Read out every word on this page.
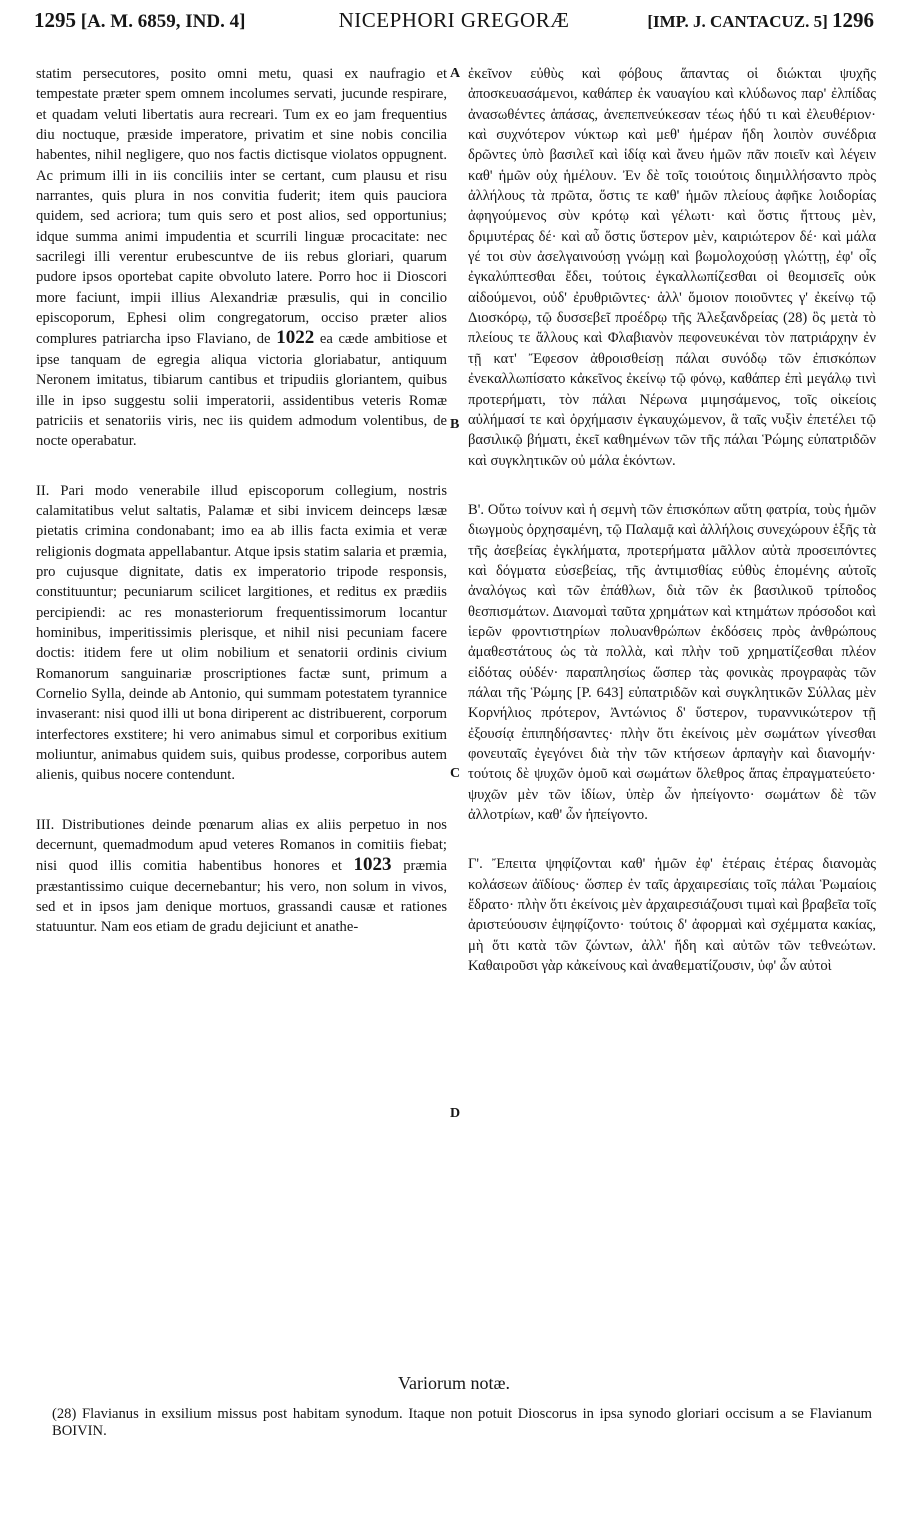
1295 [A. M. 6859, IND. 4]	NICEPHORI GREGORÆ	[IMP. J. CANTACUZ. 5] 1296

statim persecutores, posito omni metu, quasi ex naufragio et tempestate præter spem omnem incolumes servati, jucunde respirare, et quadam veluti libertatis aura recreari. Tum ex eo jam frequentius diu noctuque, præside imperatore, privatim et sine nobis concilia habentes, nihil negligere, quo nos factis dictisque violatos oppugnent. Ac primum illi in iis conciliis inter se certant, cum plausu et risu narrantes, quis plura in nos convitia fuderit; item quis pauciora quidem, sed acriora; tum quis sero et post alios, sed opportunius; idque summa animi impudentia et scurrili linguæ procacitate: nec sacrilegi illi verentur erubescuntve de iis rebus gloriari, quarum pudore ipsos oportebat capite obvoluto latere. Porro hoc ii Dioscori more faciunt, impii illius Alexandriæ præsulis, qui in concilio episcoporum, Ephesi olim congregatorum, occiso præter alios complures patriarcha ipso Flaviano, de 1022 ea cæde ambitiose et ipse tanquam de egregia aliqua victoria gloriabatur, antiquum Neronem imitatus, tibiarum cantibus et tripudiis gloriantem, quibus ille in ipso suggestu solii imperatorii, assidentibus veteris Romæ patriciis et senatoriis viris, nec iis quidem admodum volentibus, de nocte operabatur.

II. Pari modo venerabile illud episcoporum collegium, nostris calamitatibus velut saltatis, Palamæ et sibi invicem deinceps læsæ pietatis crimina condonabant; imo ea ab illis facta eximia et veræ religionis dogmata appellabantur. Atque ipsis statim salaria et præmia, pro cujusque dignitate, datis ex imperatorio tripode responsis, constituuntur; pecuniarum scilicet largitiones, et reditus ex prædiis percipiendi: ac res monasteriorum frequentissimorum locantur hominibus, imperitissimis plerisque, et nihil nisi pecuniam facere doctis: itidem fere ut olim nobilium et senatorii ordinis civium Romanorum sanguinariæ proscriptiones factæ sunt, primum a Cornelio Sylla, deinde ab Antonio, qui summam potestatem tyrannice invaserant: nisi quod illi ut bona diriperent ac distribuerent, corporum interfectores exstitere; hi vero animabus simul et corporibus exitium moliuntur, animabus quidem suis, quibus prodesse, corporibus autem alienis, quibus nocere contendunt.

III. Distributiones deinde pœnarum alias ex aliis perpetuo in nos decernunt, quemadmodum apud veteres Romanos in comitiis fiebat; nisi quod illis comitia habentibus honores et 1023 præmia præstantissimo cuique decernebantur; his vero, non solum in vivos, sed et in ipsos jam denique mortuos, grassandi causæ et rationes statuuntur. Nam eos etiam de gradu dejiciunt et anathe-

A
B
C
D

ἐκεῖνον εὐθὺς καὶ φόβους ἅπαντας οἱ διώκται ψυχῆς ἀποσκευασάμενοι, καθάπερ ἐκ ναυαγίου καὶ κλύδωνος παρ' ἐλπίδας ἀνασωθέντες ἁπάσας, ἀνεπεπνεύκεσαν τέως ἡδύ τι καὶ ἐλευθέριον· καὶ συχνότερον νύκτωρ καὶ μεθ' ἡμέραν ἤδη λοιπὸν συνέδρια δρῶντες ὑπὸ βασιλεῖ καὶ ἰδίᾳ καὶ ἄνευ ἡμῶν πᾶν ποιεῖν καὶ λέγειν καθ' ἡμῶν οὐχ ἡμέλουν. Ἐν δὲ τοῖς τοιούτοις διημιλλήσαντο πρὸς ἀλλήλους τὰ πρῶτα, ὅστις τε καθ' ἡμῶν πλείους ἀφῆκε λοιδορίας ἀφηγούμενος σὺν κρότῳ καὶ γέλωτι· καὶ ὅστις ἥττους μὲν, δριμυτέρας δέ· καὶ αὖ ὅστις ὕστερον μὲν, καιριώτερον δέ· καὶ μάλα γέ τοι σὺν ἀσελγαινούσῃ γνώμῃ καὶ βωμολοχούσῃ γλώττῃ, ἐφ' οἷς ἐγκαλύπτεσθαι ἔδει, τούτοις ἐγκαλλωπίζεσθαι οἱ θεομισεῖς οὐκ αἰδούμενοι, οὐδ' ἐρυθριῶντες· ἀλλ' ὅμοιον ποιοῦντες γ' ἐκείνῳ τῷ Διοσκόρῳ, τῷ δυσσεβεῖ προέδρῳ τῆς Ἀλεξανδρείας (28) ὃς μετὰ τὸ πλείους τε ἄλλους καὶ Φλαβιανὸν πεφονευκέναι τὸν πατριάρχην ἐν τῇ κατ' Ἔφεσον ἀθροισθείσῃ πάλαι συνόδῳ τῶν ἐπισκόπων ἐνεκαλλωπίσατο κἀκεῖνος ἐκείνῳ τῷ φόνῳ, καθάπερ ἐπὶ μεγάλῳ τινὶ προτερήματι, τὸν πάλαι Νέρωνα μιμησάμενος, τοῖς οἰκείοις αὐλήμασί τε καὶ ὀρχήμασιν ἐγκαυχώμενον, ἃ ταῖς νυξὶν ἐπετέλει τῷ βασιλικῷ βήματι, ἐκεῖ καθημένων τῶν τῆς πάλαι Ῥώμης εὐπατριδῶν καὶ συγκλητικῶν οὐ μάλα ἑκόντων.

Β'. Οὕτω τοίνυν καὶ ἡ σεμνὴ τῶν ἐπισκόπων αὕτη φατρία, τοὺς ἡμῶν διωγμοὺς ὀρχησαμένη, τῷ Παλαμᾷ καὶ ἀλλήλοις συνεχώρουν ἑξῆς τὰ τῆς ἀσεβείας ἐγκλήματα, προτερήματα μᾶλλον αὐτὰ προσειπόντες καὶ δόγματα εὐσεβείας, τῆς ἀντιμισθίας εὐθὺς ἑπομένης αὐτοῖς ἀναλόγως καὶ τῶν ἐπάθλων, διὰ τῶν ἐκ βασιλικοῦ τρίποδος θεσπισμάτων. Διανομαὶ ταῦτα χρημάτων καὶ κτημάτων πρόσοδοι καὶ ἱερῶν φροντιστηρίων πολυανθρώπων ἐκδόσεις πρὸς ἀνθρώπους ἀμαθεστάτους ὡς τὰ πολλὰ, καὶ πλὴν τοῦ χρηματίζεσθαι πλέον εἰδότας οὐδέν· παραπλησίως ὥσπερ τὰς φονικὰς προγραφὰς τῶν πάλαι τῆς Ῥώμης [P. 643] εὐπατριδῶν καὶ συγκλητικῶν Σύλλας μὲν Κορνήλιος πρότερον, Ἀντώνιος δ' ὕστερον, τυραννικώτερον τῇ ἐξουσίᾳ ἐπιπηδήσαντες· πλὴν ὅτι ἐκείνοις μὲν σωμάτων γίνεσθαι φονευταῖς ἐγεγόνει διὰ τὴν τῶν κτήσεων ἁρπαγὴν καὶ διανομήν· τούτοις δὲ ψυχῶν ὁμοῦ καὶ σωμάτων ὄλεθρος ἅπας ἐπραγματεύετο· ψυχῶν μὲν τῶν ἰδίων, ὑπὲρ ὧν ἠπείγοντο· σωμάτων δὲ τῶν ἀλλοτρίων, καθ' ὧν ἠπείγοντο.

Γ'. Ἔπειτα ψηφίζονται καθ' ἡμῶν ἐφ' ἑτέραις ἑτέρας διανομὰς κολάσεων ἀϊδίους· ὥσπερ ἐν ταῖς ἀρχαιρεσίαις τοῖς πάλαι Ῥωμαίοις ἔδρατο· πλὴν ὅτι ἐκείνοις μὲν ἀρχαιρεσιάζουσι τιμαὶ καὶ βραβεῖα τοῖς ἀριστεύουσιν ἐψηφίζοντο· τούτοις δ' ἀφορμαὶ καὶ σχέμματα κακίας, μὴ ὅτι κατὰ τῶν ζώντων, ἀλλ' ἤδη καὶ αὐτῶν τῶν τεθνεώτων. Καθαιροῦσι γὰρ κἀκείνους καὶ ἀναθεματίζουσιν, ὑφ' ὧν αὐτοὶ

Variorum notæ.
(28) Flavianus in exsilium missus post habitam synodum. Itaque non potuit Dioscorus in ipsa synodo gloriari occisum a se Flavianum BOIVIN.
